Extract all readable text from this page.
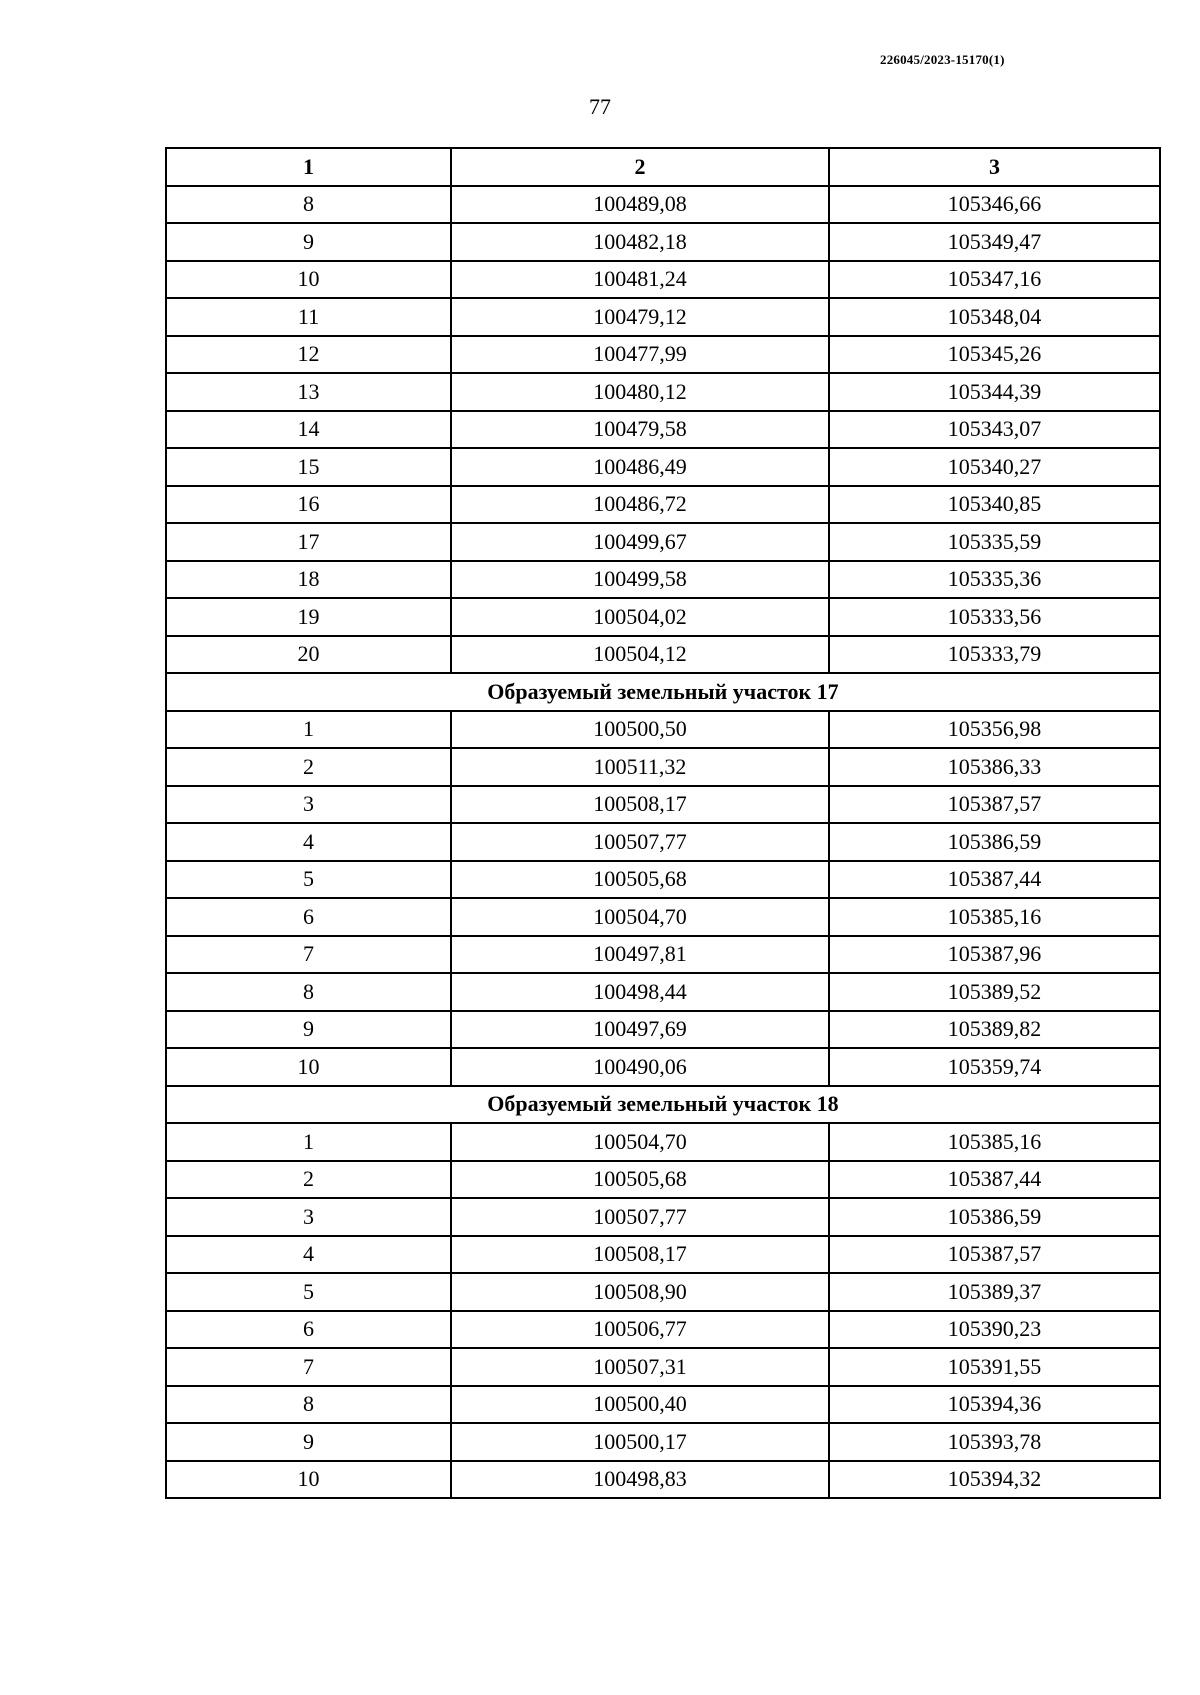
226045/2023-15170(1)
77
1	2	3
8	100489,08	105346,66
9	100482,18	105349,47
10	100481,24	105347,16
11	100479,12	105348,04
12	100477,99	105345,26
13	100480,12	105344,39
14	100479,58	105343,07
15	100486,49	105340,27
16	100486,72	105340,85
17	100499,67	105335,59
18	100499,58	105335,36
19	100504,02	105333,56
20	100504,12	105333,79
Образуемый земельный участок 17		
1	100500,50	105356,98
2	100511,32	105386,33
3	100508,17	105387,57
4	100507,77	105386,59
5	100505,68	105387,44
6	100504,70	105385,16
7	100497,81	105387,96
8	100498,44	105389,52
9	100497,69	105389,82
10	100490,06	105359,74
Образуемый земельный участок 18		
1	100504,70	105385,16
2	100505,68	105387,44
3	100507,77	105386,59
4	100508,17	105387,57
5	100508,90	105389,37
6	100506,77	105390,23
7	100507,31	105391,55
8	100500,40	105394,36
9	100500,17	105393,78
10	100498,83	105394,32
